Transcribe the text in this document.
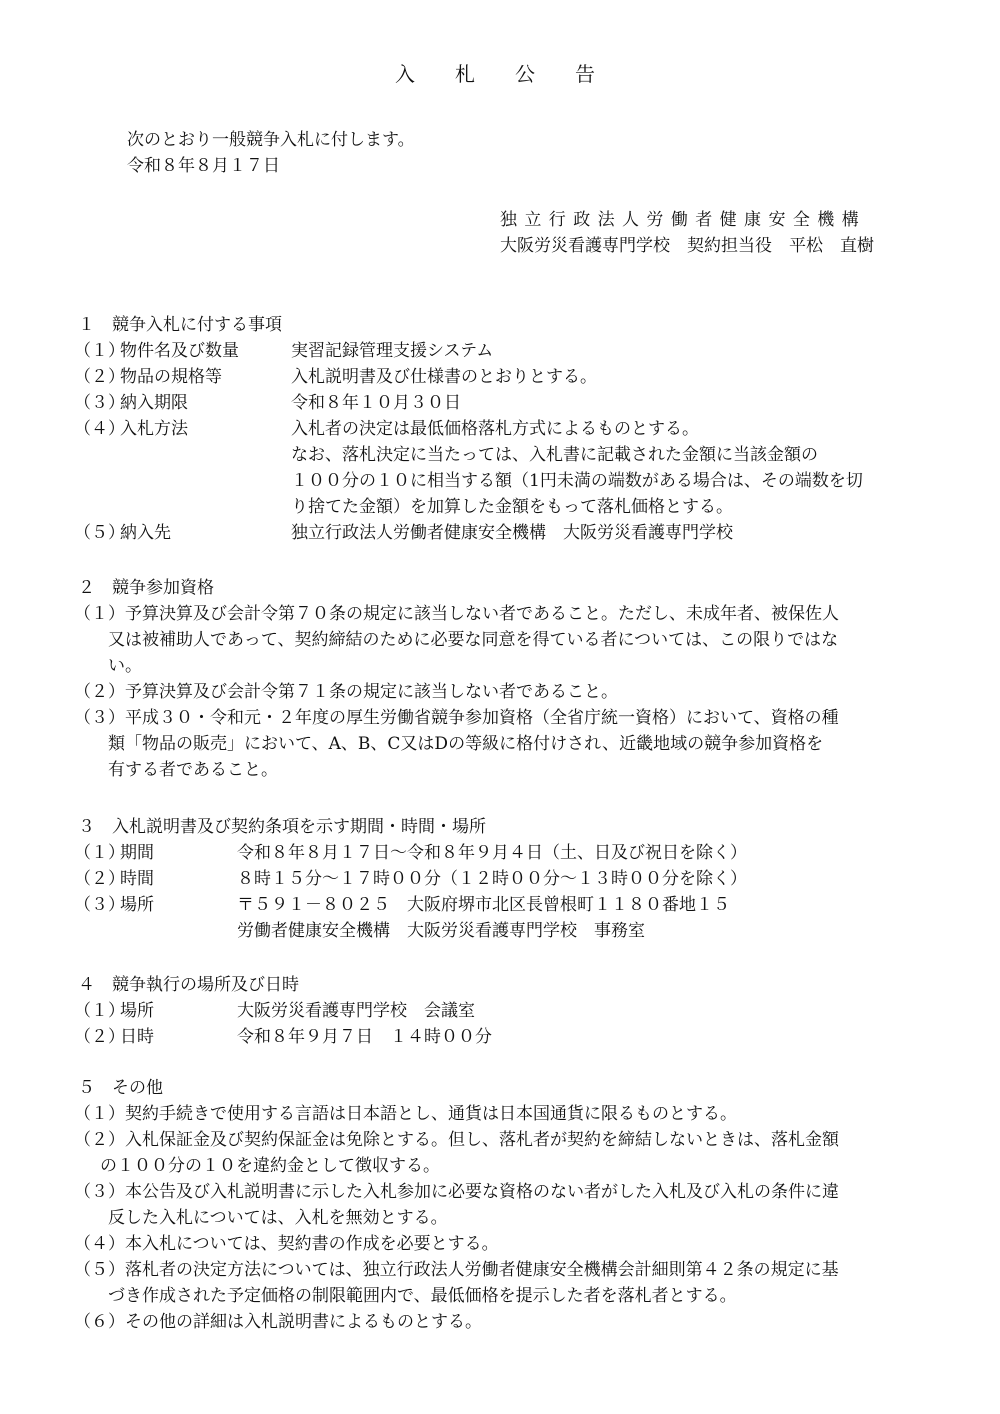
入　札　公　告
次のとおり一般競争入札に付します。
令和８年８月１７日
独 立 行 政 法 人 労 働 者 健 康 安 全 機 構
大阪労災看護専門学校　契約担当役　平松　直樹
１　競争入札に付する事項
（１）
物件名及び数量	実習記録管理支援システム
（２）
物品の規格等	入札説明書及び仕様書のとおりとする。
（３）
納入期限	令和８年１０月３０日
（４）
入札方法	入札者の決定は最低価格落札方式によるものとする。
なお、落札決定に当たっては、入札書に記載された金額に当該金額の
１００分の１０に相当する額（1円未満の端数がある場合は、その端数を切
り捨てた金額）を加算した金額をもって落札価格とする。
（５）
納入先	独立行政法人労働者健康安全機構　大阪労災看護専門学校
２　競争参加資格
（１）予算決算及び会計令第７０条の規定に該当しない者であること。ただし、未成年者、被保佐人
又は被補助人であって、契約締結のために必要な同意を得ている者については、この限りではな
い。
（２）予算決算及び会計令第７１条の規定に該当しない者であること。
（３）平成３０・令和元・２年度の厚生労働省競争参加資格（全省庁統一資格）において、資格の種
類「物品の販売」において、A、B、C又はDの等級に格付けされ、近畿地域の競争参加資格を
有する者であること。
３　入札説明書及び契約条項を示す期間・時間・場所
（１）
期間	令和８年８月１７日～令和８年９月４日（土、日及び祝日を除く）
（２）
時間	８時１５分～１７時００分（１２時００分～１３時００分を除く）
（３）
場所	〒５９１－８０２５　大阪府堺市北区長曾根町１１８０番地１５
労働者健康安全機構　大阪労災看護専門学校　事務室
４　競争執行の場所及び日時
（１）
場所	大阪労災看護専門学校　会議室
（２）
日時	令和８年９月７日　１４時００分
５　その他
（１）契約手続きで使用する言語は日本語とし、通貨は日本国通貨に限るものとする。
（２）入札保証金及び契約保証金は免除とする。但し、落札者が契約を締結しないときは、落札金額
の１００分の１０を違約金として徴収する。
（３）本公告及び入札説明書に示した入札参加に必要な資格のない者がした入札及び入札の条件に違
反した入札については、入札を無効とする。
（４）本入札については、契約書の作成を必要とする。
（５）落札者の決定方法については、独立行政法人労働者健康安全機構会計細則第４２条の規定に基
づき作成された予定価格の制限範囲内で、最低価格を提示した者を落札者とする。
（６）その他の詳細は入札説明書によるものとする。
